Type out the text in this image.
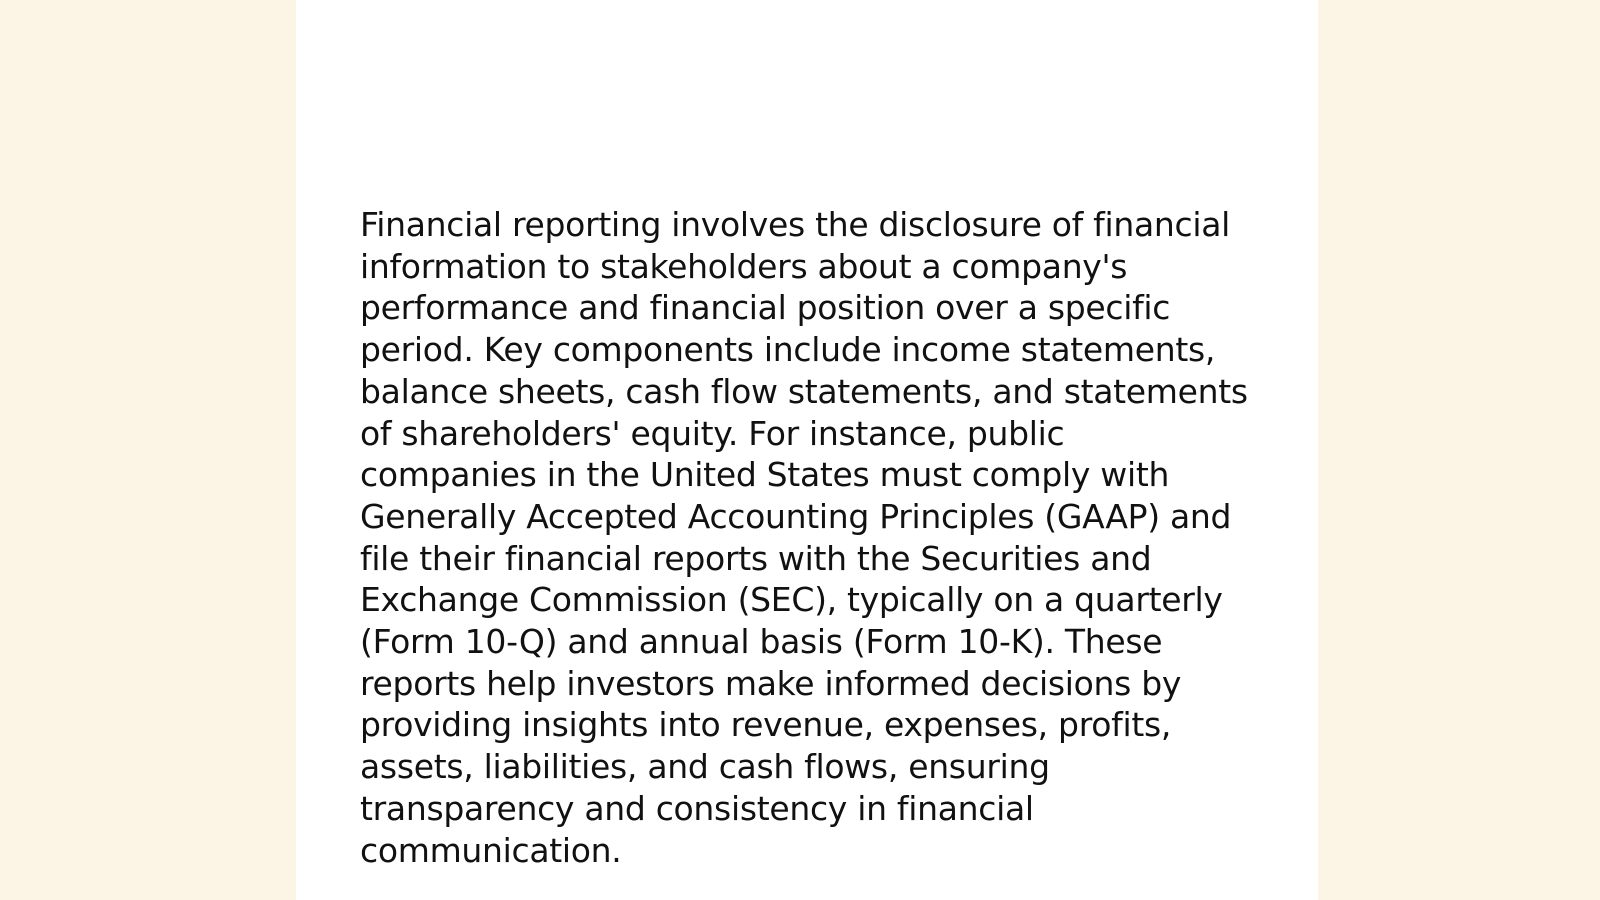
Financial reporting involves the disclosure of financial
information to stakeholders about a company's
performance and financial position over a specific
period. Key components include income statements,
balance sheets, cash flow statements, and statements
of shareholders' equity. For instance, public
companies in the United States must comply with
Generally Accepted Accounting Principles (GAAP) and
file their financial reports with the Securities and
Exchange Commission (SEC), typically on a quarterly
(Form 10-Q) and annual basis (Form 10-K). These
reports help investors make informed decisions by
providing insights into revenue, expenses, profits,
assets, liabilities, and cash flows, ensuring
transparency and consistency in financial
communication.
